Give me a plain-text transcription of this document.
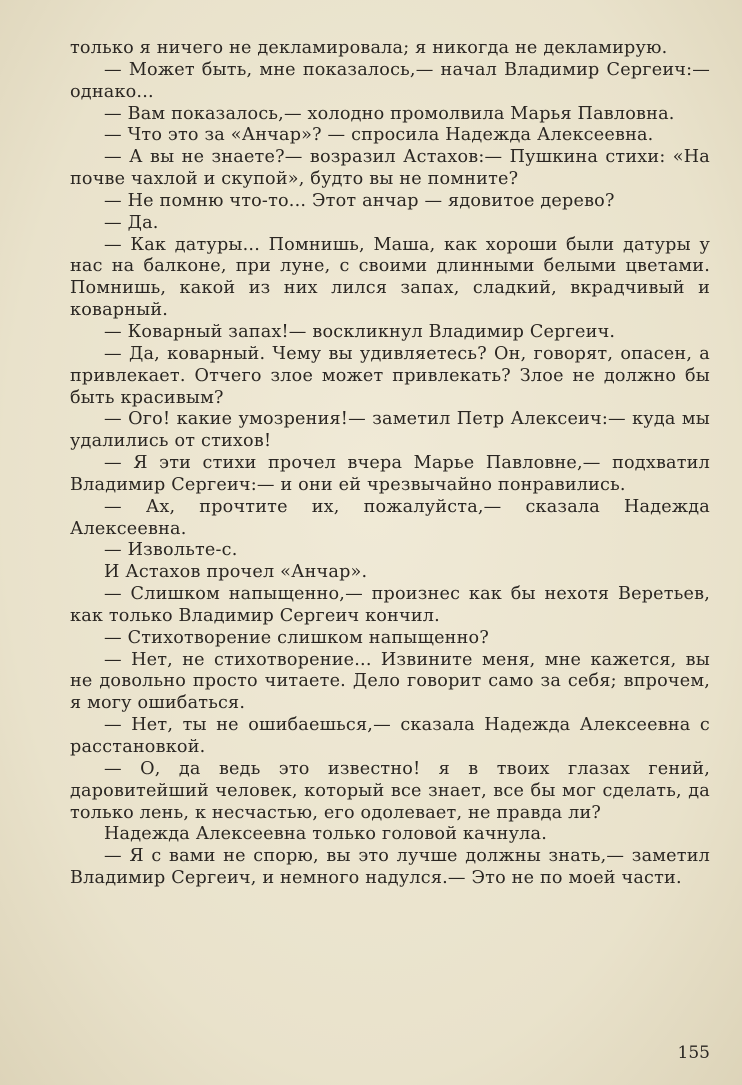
только я ничего не декламировала; я никогда не декламирую.

— Может быть, мне показалось,— начал Владимир Сергеич:— однако...

— Вам показалось,— холодно промолвила Марья Павловна.

— Что это за «Анчар»? — спросила Надежда Алексеевна.

— А вы не знаете?— возразил Астахов:— Пушкина стихи: «На почве чахлой и скупой», будто вы не помните?

— Не помню что-то... Этот анчар — ядовитое дерево?

— Да.

— Как датуры... Помнишь, Маша, как хороши были датуры у нас на балконе, при луне, с своими длинными белыми цветами. Помнишь, какой из них лился запах, сладкий, вкрадчивый и коварный.

— Коварный запах!— воскликнул Владимир Сергеич.

— Да, коварный. Чему вы удивляетесь? Он, говорят, опасен, а привлекает. Отчего злое может привлекать? Злое не должно бы быть красивым?

— Ого! какие умозрения!— заметил Петр Алексеич:— куда мы удалились от стихов!

— Я эти стихи прочел вчера Марье Павловне,— подхватил Владимир Сергеич:— и они ей чрезвычайно понравились.

— Ах, прочтите их, пожалуйста,— сказала Надежда Алексеевна.

— Извольте-с.

И Астахов прочел «Анчар».

— Слишком напыщенно,— произнес как бы нехотя Веретьев, как только Владимир Сергеич кончил.

— Стихотворение слишком напыщенно?

— Нет, не стихотворение... Извините меня, мне кажется, вы не довольно просто читаете. Дело говорит само за себя; впрочем, я могу ошибаться.

— Нет, ты не ошибаешься,— сказала Надежда Алексеевна с расстановкой.

— О, да ведь это известно! я в твоих глазах гений, даровитейший человек, который все знает, все бы мог сделать, да только лень, к несчастью, его одолевает, не правда ли?

Надежда Алексеевна только головой качнула.

— Я с вами не спорю, вы это лучше должны знать,— заметил Владимир Сергеич, и немного надулся.— Это не по моей части.

155
